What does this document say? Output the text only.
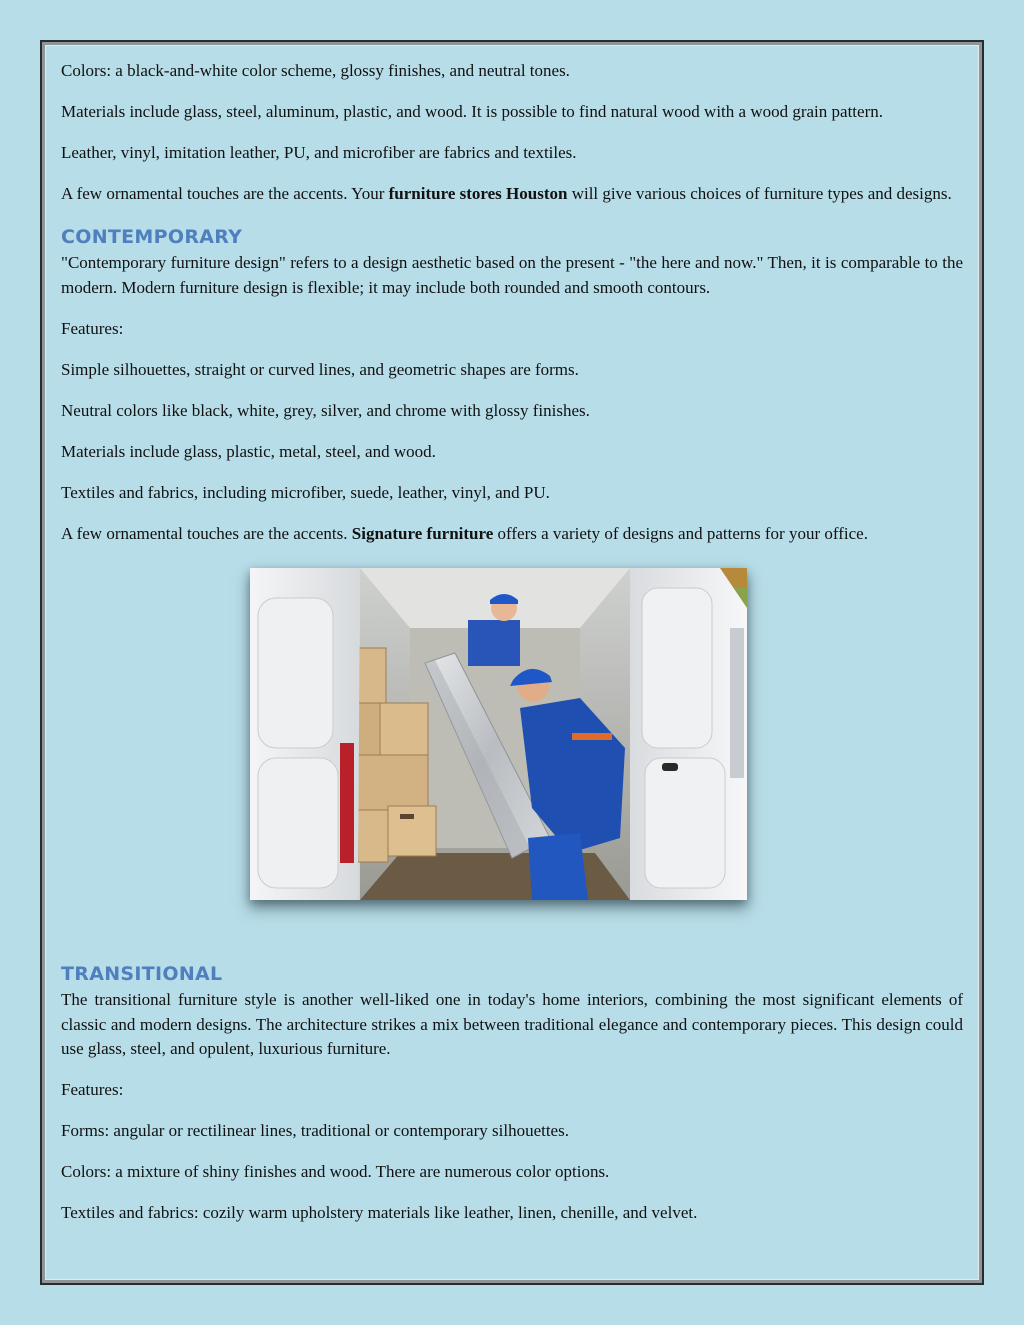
Colors: a black-and-white color scheme, glossy finishes, and neutral tones.

Materials include glass, steel, aluminum, plastic, and wood. It is possible to find natural wood with a wood grain pattern.

Leather, vinyl, imitation leather, PU, and microfiber are fabrics and textiles.

A few ornamental touches are the accents. Your furniture stores Houston will give various choices of furniture types and designs.

CONTEMPORARY

"Contemporary furniture design" refers to a design aesthetic based on the present - "the here and now." Then, it is comparable to the modern. Modern furniture design is flexible; it may include both rounded and smooth contours.

Features:

Simple silhouettes, straight or curved lines, and geometric shapes are forms.

Neutral colors like black, white, grey, silver, and chrome with glossy finishes.

Materials include glass, plastic, metal, steel, and wood.

Textiles and fabrics, including microfiber, suede, leather, vinyl, and PU.

A few ornamental touches are the accents. Signature furniture offers a variety of designs and patterns for your office.

TRANSITIONAL

The transitional furniture style is another well-liked one in today's home interiors, combining the most significant elements of classic and modern designs. The architecture strikes a mix between traditional elegance and contemporary pieces. This design could use glass, steel, and opulent, luxurious furniture.

Features:

Forms: angular or rectilinear lines, traditional or contemporary silhouettes.

Colors: a mixture of shiny finishes and wood. There are numerous color options.

Textiles and fabrics: cozily warm upholstery materials like leather, linen, chenille, and velvet.
